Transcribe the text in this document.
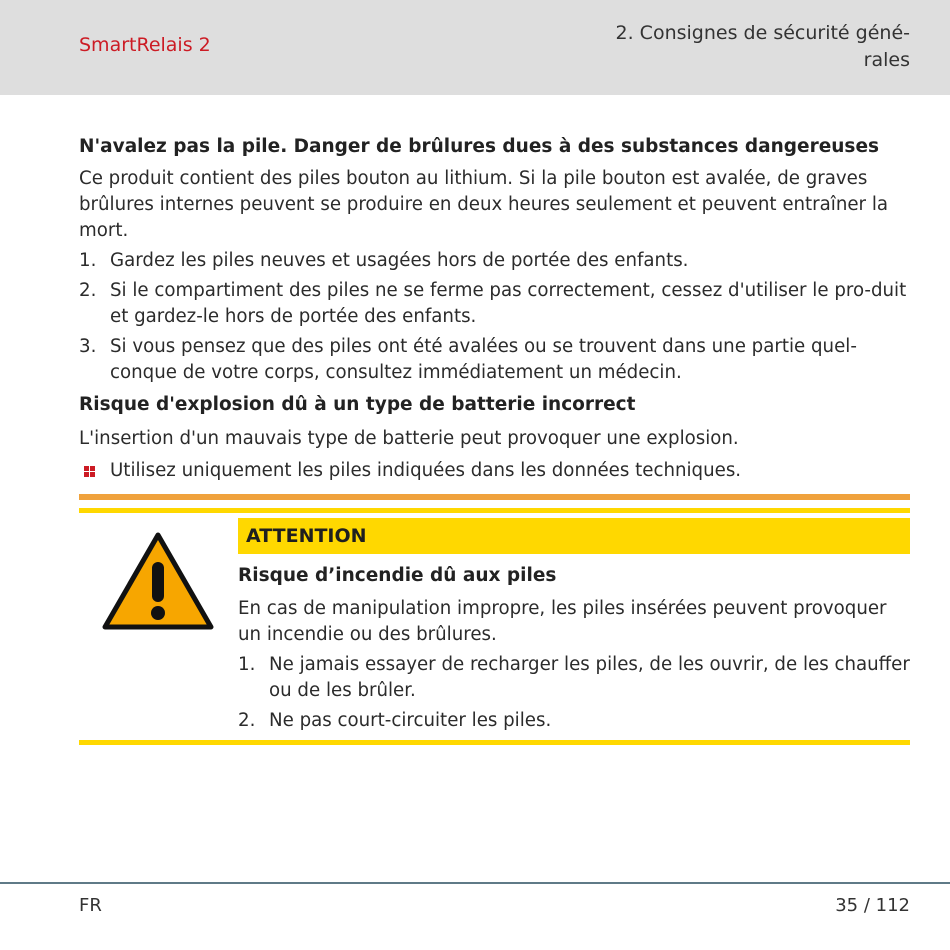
SmartRelais 2
2. Consignes de sécurité géné-
rales
N'avalez pas la pile. Danger de brûlures dues à des substances dangereuses

Ce produit contient des piles bouton au lithium. Si la pile bouton est avalée, de graves brûlures internes peuvent se produire en deux heures seulement et peuvent entraîner la mort.

1. Gardez les piles neuves et usagées hors de portée des enfants.
2. Si le compartiment des piles ne se ferme pas correctement, cessez d'utiliser le pro-duit et gardez-le hors de portée des enfants.
3. Si vous pensez que des piles ont été avalées ou se trouvent dans une partie quel-conque de votre corps, consultez immédiatement un médecin.
Risque d'explosion dû à un type de batterie incorrect

L'insertion d'un mauvais type de batterie peut provoquer une explosion.

Utilisez uniquement les piles indiquées dans les données techniques.
ATTENTION
Risque d’incendie dû aux piles

En cas de manipulation impropre, les piles insérées peuvent provoquer un incendie ou des brûlures.

1. Ne jamais essayer de recharger les piles, de les ouvrir, de les chauffer ou de les brûler.
2. Ne pas court-circuiter les piles.
FR	35 / 112
